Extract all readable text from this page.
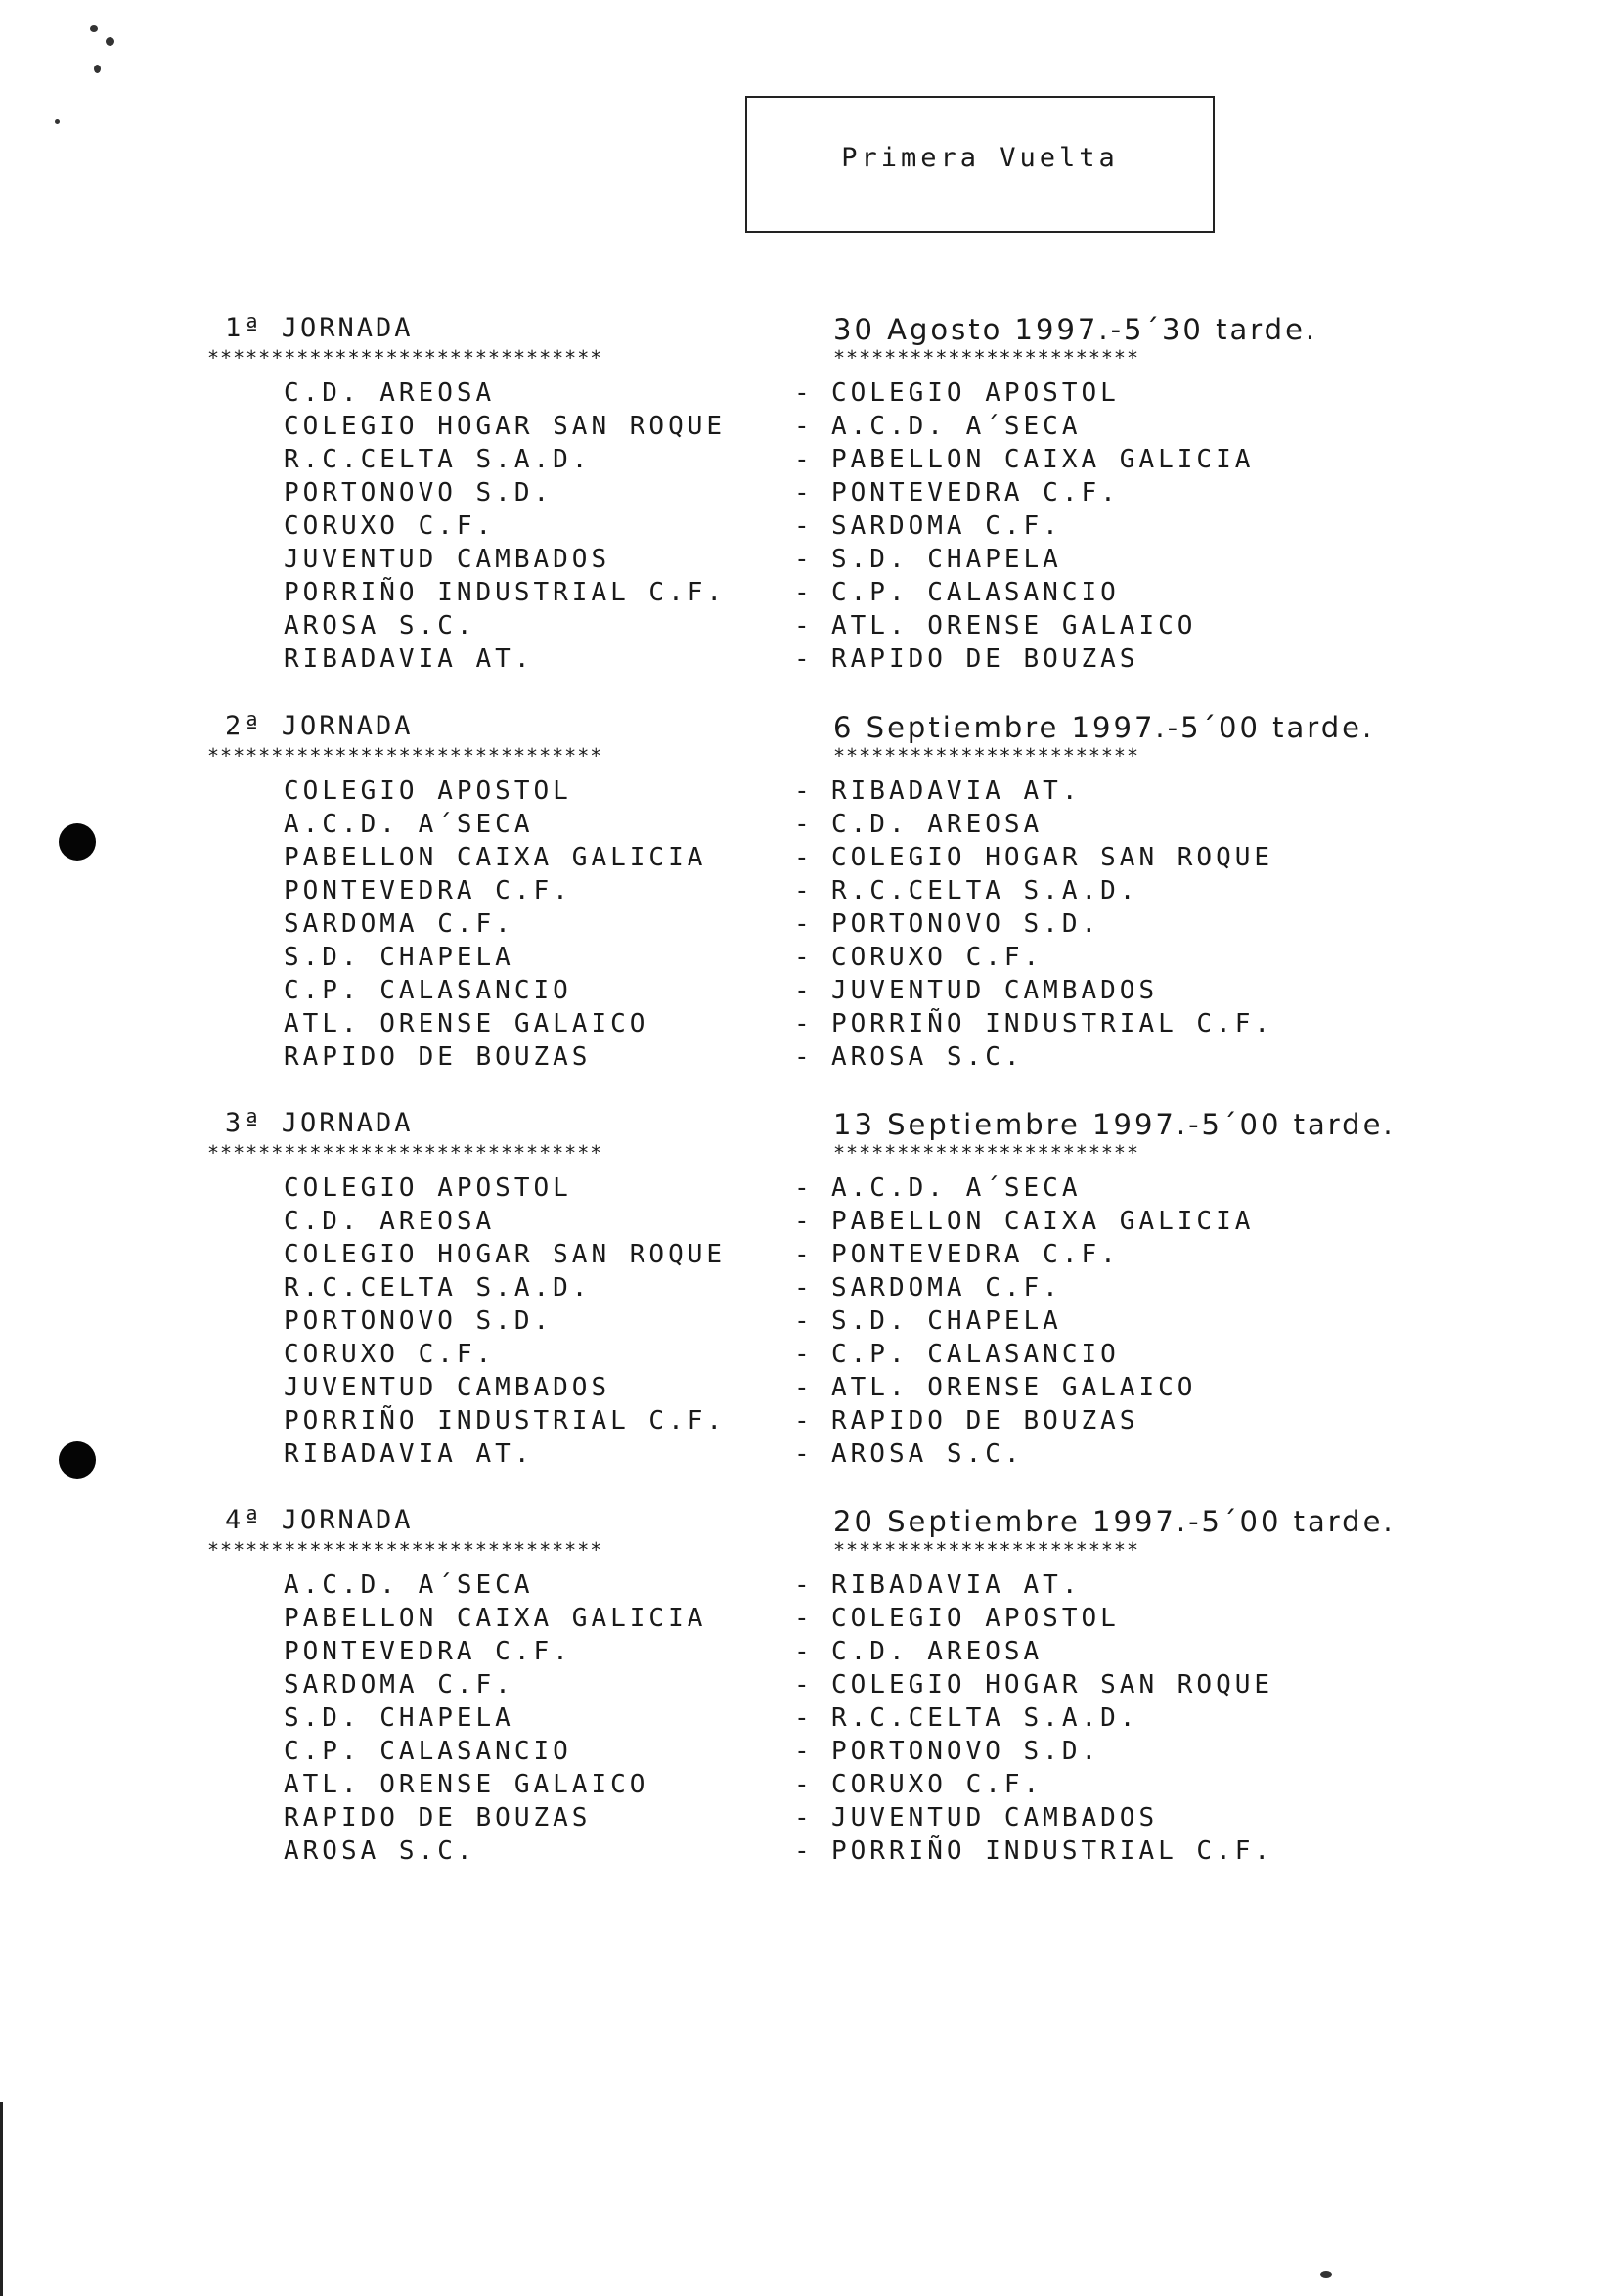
Primera Vuelta
1ª JORNADA	30 Agosto 1997.-5´30 tarde.
*******************************	************************
C.D. AREOSA	- COLEGIO APOSTOL
COLEGIO HOGAR SAN ROQUE	- A.C.D. A´SECA
R.C.CELTA S.A.D.	- PABELLON CAIXA GALICIA
PORTONOVO S.D.	- PONTEVEDRA C.F.
CORUXO C.F.	- SARDOMA C.F.
JUVENTUD CAMBADOS	- S.D. CHAPELA
PORRIÑO INDUSTRIAL C.F.	- C.P. CALASANCIO
AROSA S.C.	- ATL. ORENSE GALAICO
RIBADAVIA AT.	- RAPIDO DE BOUZAS
2ª JORNADA	6 Septiembre 1997.-5´00 tarde.
*******************************	************************
COLEGIO APOSTOL	- RIBADAVIA AT.
A.C.D. A´SECA	- C.D. AREOSA
PABELLON CAIXA GALICIA	- COLEGIO HOGAR SAN ROQUE
PONTEVEDRA C.F.	- R.C.CELTA S.A.D.
SARDOMA C.F.	- PORTONOVO S.D.
S.D. CHAPELA	- CORUXO C.F.
C.P. CALASANCIO	- JUVENTUD CAMBADOS
ATL. ORENSE GALAICO	- PORRIÑO INDUSTRIAL C.F.
RAPIDO DE BOUZAS	- AROSA S.C.
3ª JORNADA	13 Septiembre 1997.-5´00 tarde.
*******************************	************************
COLEGIO APOSTOL	- A.C.D. A´SECA
C.D. AREOSA	- PABELLON CAIXA GALICIA
COLEGIO HOGAR SAN ROQUE	- PONTEVEDRA C.F.
R.C.CELTA S.A.D.	- SARDOMA C.F.
PORTONOVO S.D.	- S.D. CHAPELA
CORUXO C.F.	- C.P. CALASANCIO
JUVENTUD CAMBADOS	- ATL. ORENSE GALAICO
PORRIÑO INDUSTRIAL C.F.	- RAPIDO DE BOUZAS
RIBADAVIA AT.	- AROSA S.C.
4ª JORNADA	20 Septiembre 1997.-5´00 tarde.
*******************************	************************
A.C.D. A´SECA	- RIBADAVIA AT.
PABELLON CAIXA GALICIA	- COLEGIO APOSTOL
PONTEVEDRA C.F.	- C.D. AREOSA
SARDOMA C.F.	- COLEGIO HOGAR SAN ROQUE
S.D. CHAPELA	- R.C.CELTA S.A.D.
C.P. CALASANCIO	- PORTONOVO S.D.
ATL. ORENSE GALAICO	- CORUXO C.F.
RAPIDO DE BOUZAS	- JUVENTUD CAMBADOS
AROSA S.C.	- PORRIÑO INDUSTRIAL C.F.
